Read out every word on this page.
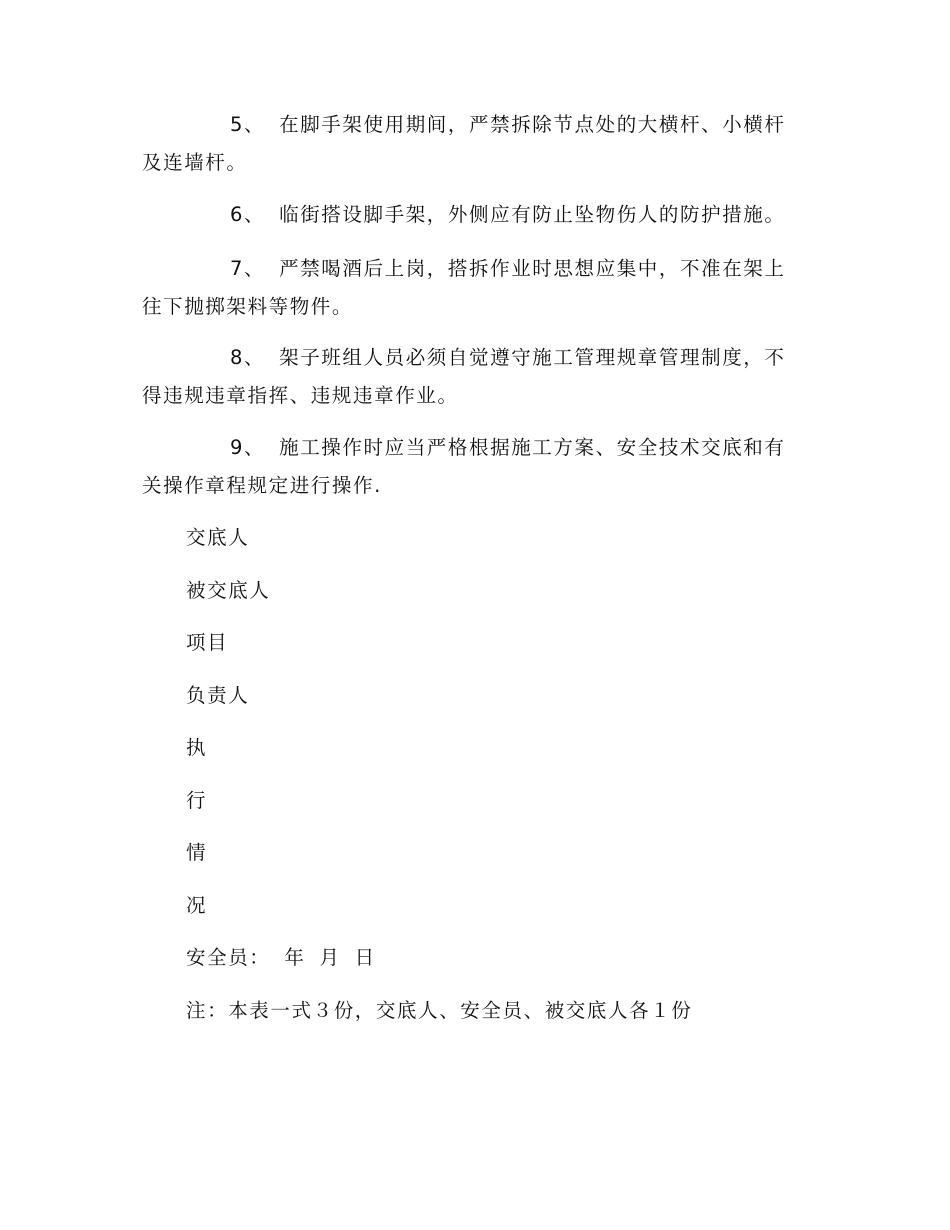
5、 在脚手架使用期间，严禁拆除节点处的大横杆、小横杆及连墙杆。

6、 临街搭设脚手架，外侧应有防止坠物伤人的防护措施。

7、 严禁喝酒后上岗，搭拆作业时思想应集中，不准在架上往下抛掷架料等物件。

8、 架子班组人员必须自觉遵守施工管理规章管理制度，不得违规违章指挥、违规违章作业。

9、 施工操作时应当严格根据施工方案、安全技术交底和有关操作章程规定进行操作.

交底人

被交底人

项目

负责人

执

行

情

况

安全员： 年 月 日

注：本表一式３份，交底人、安全员、被交底人各１份
